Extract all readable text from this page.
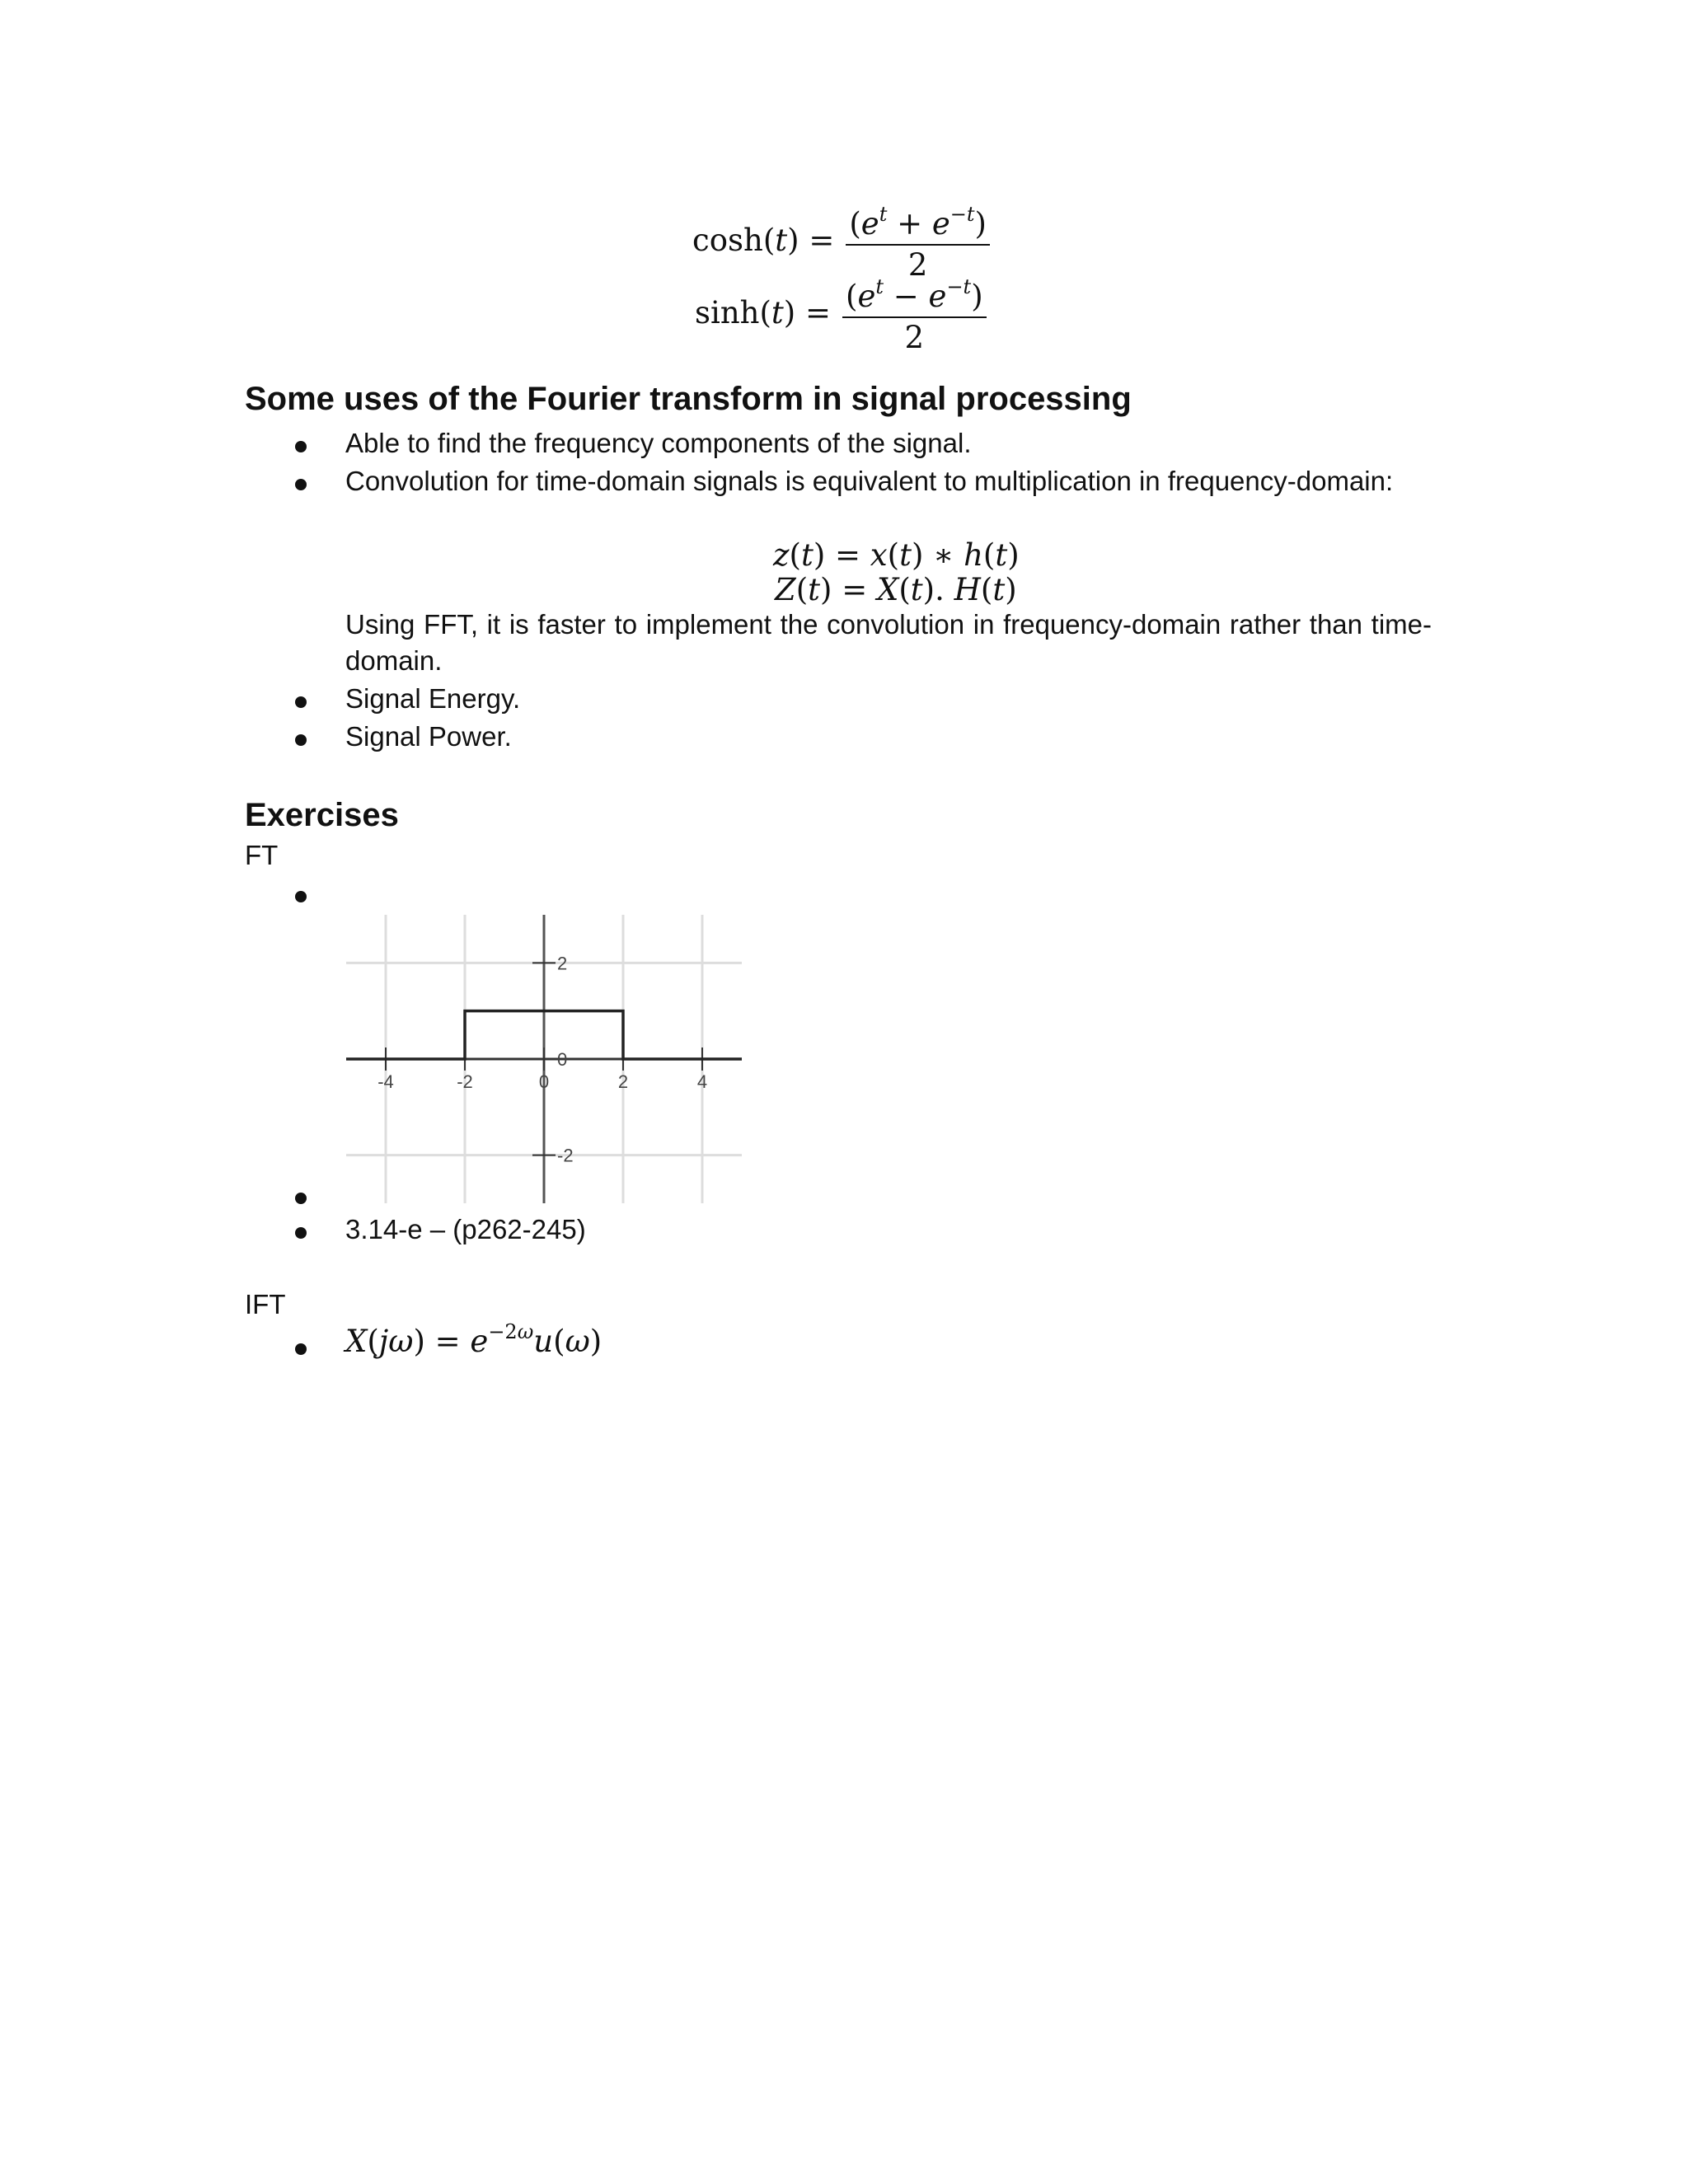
$\cosh(t) = \frac{(e^t + e^{-t})}{2}$
$\sinh(t) = \frac{(e^t - e^{-t})}{2}$
Some uses of the Fourier transform in signal processing
Able to find the frequency components of the signal.
Convolution for time-domain signals is equivalent to multiplication in frequency-domain:
z(t) = x(t) ∗ h(t)
Z(t) = X(t). H(t)
Using FFT, it is faster to implement the convolution in frequency-domain rather than time-domain.
Signal Energy.
Signal Power.
Exercises
FT
-4	-2	0	2	4
2
0
-2
3.14-e – (p262-245)
IFT
$X(j\omega) = e^{-2\omega}u(\omega)$
